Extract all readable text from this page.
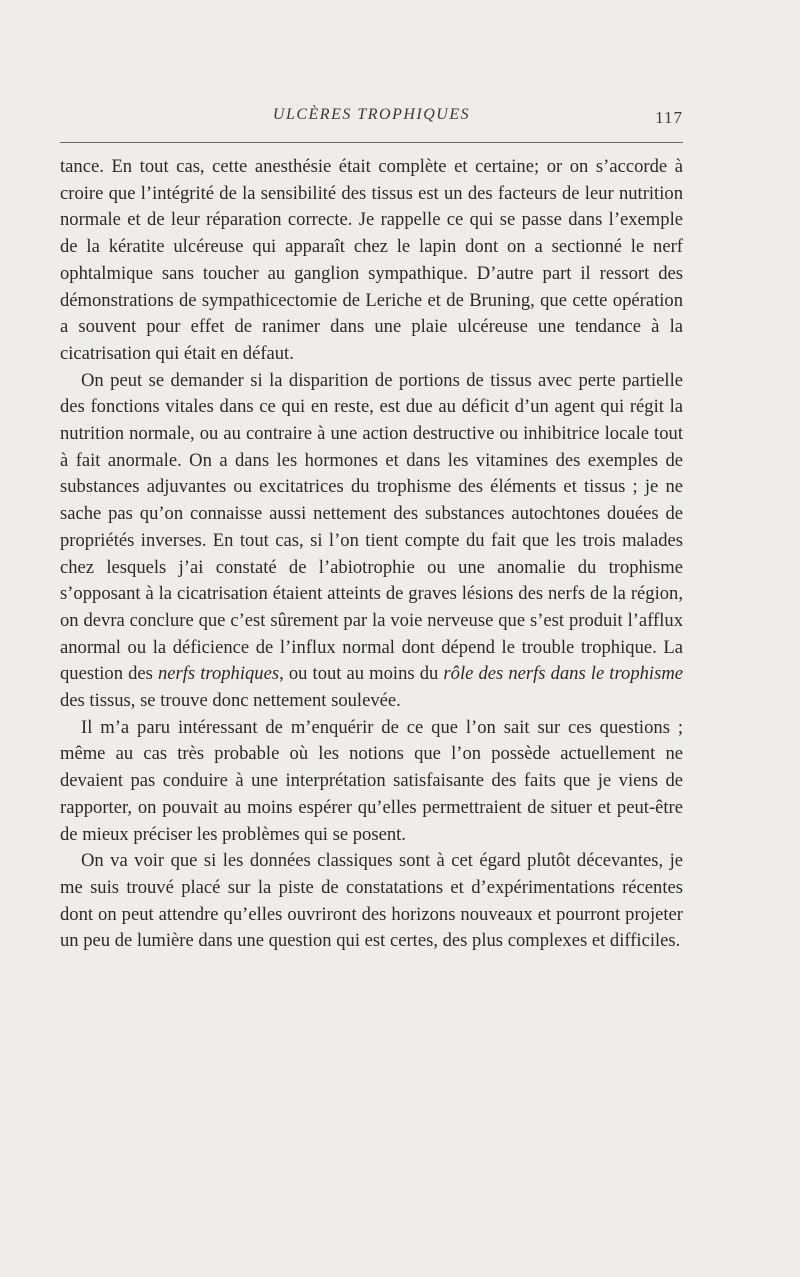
ULCÈRES TROPHIQUES	117

tance. En tout cas, cette anesthésie était complète et certaine; or on s’accorde à croire que l’intégrité de la sensibilité des tissus est un des facteurs de leur nutrition normale et de leur réparation correcte. Je rappelle ce qui se passe dans l’exemple de la kératite ulcéreuse qui apparaît chez le lapin dont on a sectionné le nerf ophtalmique sans toucher au ganglion sympathique. D’autre part il ressort des démonstrations de sympathicectomie de Leriche et de Bruning, que cette opération a souvent pour effet de ranimer dans une plaie ulcéreuse une tendance à la cicatrisation qui était en défaut.

On peut se demander si la disparition de portions de tissus avec perte partielle des fonctions vitales dans ce qui en reste, est due au déficit d’un agent qui régit la nutrition normale, ou au contraire à une action destructive ou inhibitrice locale tout à fait anormale. On a dans les hormones et dans les vitamines des exemples de substances adjuvantes ou excitatrices du trophisme des éléments et tissus ; je ne sache pas qu’on connaisse aussi nettement des substances autochtones douées de propriétés inverses. En tout cas, si l’on tient compte du fait que les trois malades chez lesquels j’ai constaté de l’abiotrophie ou une anomalie du trophisme s’opposant à la cicatrisation étaient atteints de graves lésions des nerfs de la région, on devra conclure que c’est sûrement par la voie nerveuse que s’est produit l’afflux anormal ou la déficience de l’influx normal dont dépend le trouble trophique. La question des nerfs trophiques, ou tout au moins du rôle des nerfs dans le trophisme des tissus, se trouve donc nettement soulevée.

Il m’a paru intéressant de m’enquérir de ce que l’on sait sur ces questions ; même au cas très probable où les notions que l’on possède actuellement ne devaient pas conduire à une interprétation satisfaisante des faits que je viens de rapporter, on pouvait au moins espérer qu’elles permettraient de situer et peut-être de mieux préciser les problèmes qui se posent.

On va voir que si les données classiques sont à cet égard plutôt décevantes, je me suis trouvé placé sur la piste de constatations et d’expérimentations récentes dont on peut attendre qu’elles ouvriront des horizons nouveaux et pourront projeter un peu de lumière dans une question qui est certes, des plus complexes et difficiles.
